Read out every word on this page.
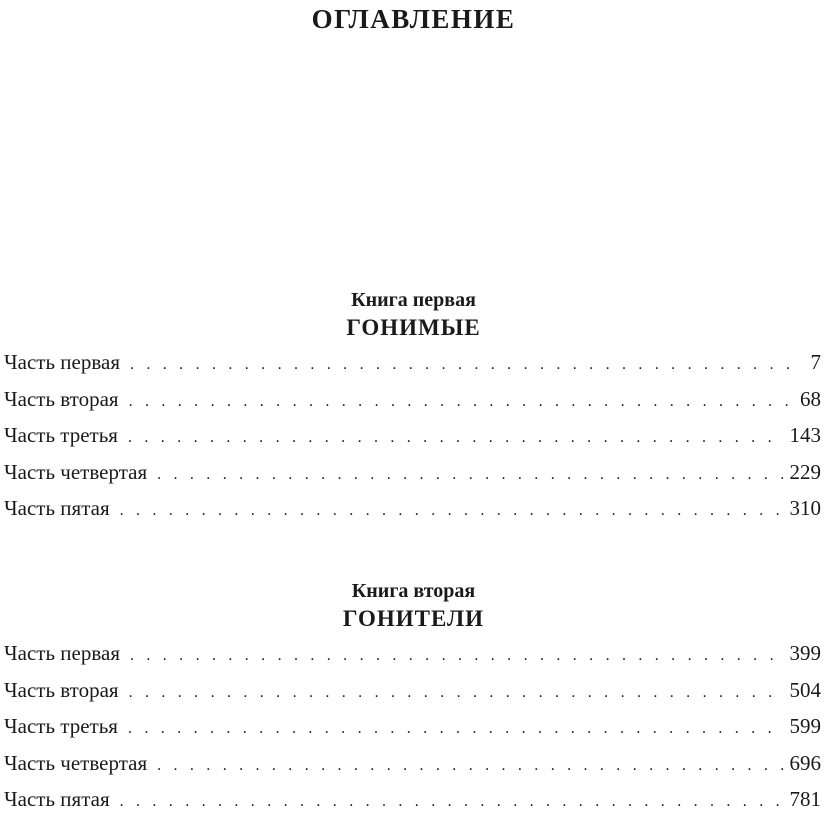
ОГЛАВЛЕНИЕ
Книга первая
ГОНИМЫЕ
Часть первая . . .	7
Часть вторая . . .	68
Часть третья . . .	143
Часть четвертая . . .	229
Часть пятая . . .	310
Книга вторая
ГОНИТЕЛИ
Часть первая . . .	399
Часть вторая . . .	504
Часть третья . . .	599
Часть четвертая . . .	696
Часть пятая . . .	781
